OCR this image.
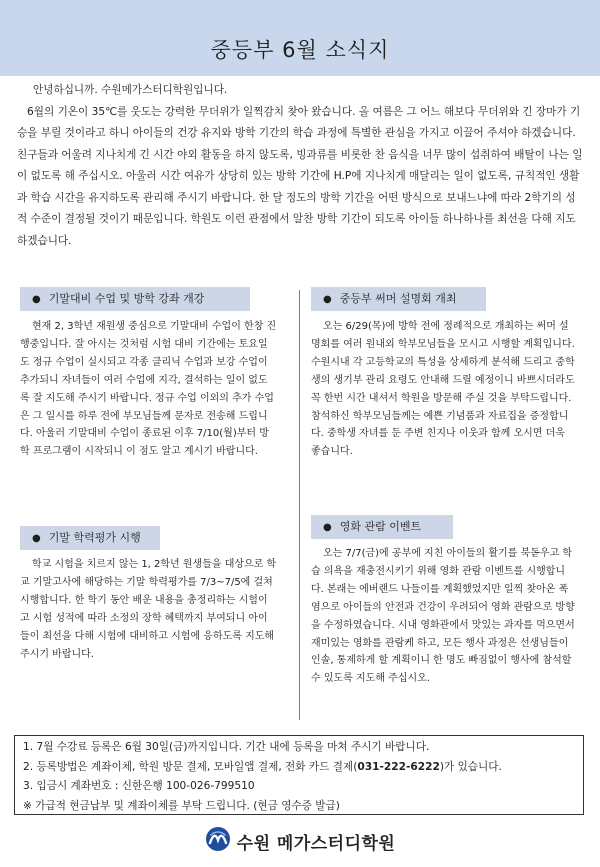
중등부 6월 소식지

안녕하십니까. 수원메가스터디학원입니다.

6월의 기온이 35℃를 웃도는 강력한 무더위가 일찍감치 찾아 왔습니다. 올 여름은 그 어느 해보다 무더위와 긴 장마가 기승을 부릴 것이라고 하니 아이들의 건강 유지와 방학 기간의 학습 과정에 특별한 관심을 가지고 이끌어 주셔야 하겠습니다. 친구들과 어울려 지나치게 긴 시간 야외 활동을 하지 않도록, 빙과류를 비롯한 찬 음식을 너무 많이 섭취하여 배탈이 나는 일이 없도록 해 주십시오. 아울러 시간 여유가 상당히 있는 방학 기간에 H.P에 지나치게 매달리는 일이 없도록, 규칙적인 생활과 학습 시간을 유지하도록 관리해 주시기 바랍니다. 한 달 정도의 방학 기간을 어떤 방식으로 보내느냐에 따라 2학기의 성적 수준이 결정될 것이기 때문입니다. 학원도 이런 관점에서 알찬 방학 기간이 되도록 아이들 하나하나를 최선을 다해 지도하겠습니다.

● 기말대비 수업 및 방학 강좌 개강

현재 2, 3학년 재원생 중심으로 기말대비 수업이 한창 진행중입니다. 잘 아시는 것처럼 시험 대비 기간에는 토요일도 정규 수업이 실시되고 각종 클리닉 수업과 보강 수업이 추가되니 자녀들이 여러 수업에 지각, 결석하는 일이 없도록 잘 지도해 주시기 바랍니다. 정규 수업 이외의 추가 수업은 그 일시를 하루 전에 부모님들께 문자로 전송해 드립니다. 아울러 기말대비 수업이 종료된 이후 7/10(월)부터 방학 프로그램이 시작되니 이 점도 알고 계시기 바랍니다.

● 중등부 써머 설명회 개최

오는 6/29(목)에 방학 전에 정례적으로 개최하는 써머 설명회를 여러 원내외 학부모님들을 모시고 시행할 계획입니다. 수원시내 각 고등학교의 특성을 상세하게 분석해 드리고 중학생의 생기부 관리 요령도 안내해 드릴 예정이니 바쁘시더라도 꼭 한번 시간 내셔서 학원을 방문해 주실 것을 부탁드립니다. 참석하신 학부모님들께는 예쁜 기념품과 자료집을 증정합니다. 중학생 자녀를 둔 주변 친지나 이웃과 함께 오시면 더욱 좋습니다.

● 기말 학력평가 시행

학교 시험을 치르지 않는 1, 2학년 원생들을 대상으로 학교 기말고사에 해당하는 기말 학력평가를 7/3~7/5에 걸쳐 시행합니다. 한 학기 동안 배운 내용을 총정리하는 시험이고 시험 성적에 따라 소정의 장학 혜택까지 부여되니 아이들이 최선을 다해 시험에 대비하고 시험에 응하도록 지도해 주시기 바랍니다.

● 영화 관람 이벤트

오는 7/7(금)에 공부에 지친 아이들의 활기를 북돋우고 학습 의욕을 재충전시키기 위해 영화 관람 이벤트를 시행합니다. 본래는 에버랜드 나들이를 계획했었지만 일찍 찾아온 폭염으로 아이들의 안전과 건강이 우려되어 영화 관람으로 방향을 수정하였습니다. 시내 영화관에서 맛있는 과자를 먹으면서 재미있는 영화를 관람케 하고, 모든 행사 과정은 선생님들이 인솔, 통제하게 할 계획이니 한 명도 빠짐없이 행사에 참석할 수 있도록 지도해 주십시오.

1. 7월 수강료 등록은 6월 30일(금)까지입니다. 기간 내에 등록을 마쳐 주시기 바랍니다.
2. 등록방법은 계좌이체, 학원 방문 결제, 모바일앱 결제, 전화 카드 결제(031-222-6222)가 있습니다.
3. 입금시 계좌번호 : 신한은행 100-026-799510
※ 가급적 현금납부 및 계좌이체를 부탁 드립니다. (현금 영수증 발급)
수원 메가스터디학원
